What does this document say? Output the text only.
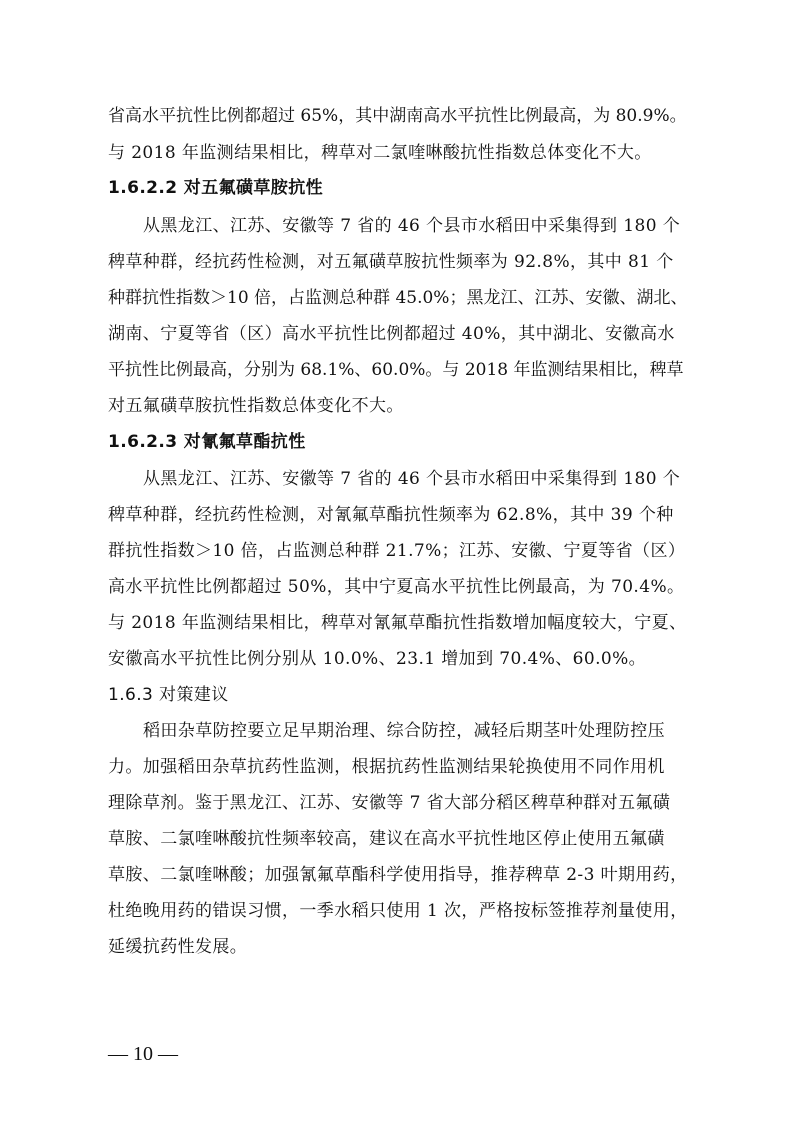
省高水平抗性比例都超过 65%，其中湖南高水平抗性比例最高，为 80.9%。
与 2018 年监测结果相比，稗草对二氯喹啉酸抗性指数总体变化不大。
1.6.2.2 对五氟磺草胺抗性
从黑龙江、江苏、安徽等 7 省的 46 个县市水稻田中采集得到 180 个
稗草种群，经抗药性检测，对五氟磺草胺抗性频率为 92.8%，其中 81 个
种群抗性指数＞10 倍，占监测总种群 45.0%；黑龙江、江苏、安徽、湖北、
湖南、宁夏等省（区）高水平抗性比例都超过 40%，其中湖北、安徽高水
平抗性比例最高，分别为 68.1%、60.0%。与 2018 年监测结果相比，稗草
对五氟磺草胺抗性指数总体变化不大。
1.6.2.3 对氰氟草酯抗性
从黑龙江、江苏、安徽等 7 省的 46 个县市水稻田中采集得到 180 个
稗草种群，经抗药性检测，对氰氟草酯抗性频率为 62.8%，其中 39 个种
群抗性指数＞10 倍，占监测总种群 21.7%；江苏、安徽、宁夏等省（区）
高水平抗性比例都超过 50%，其中宁夏高水平抗性比例最高，为 70.4%。
与 2018 年监测结果相比，稗草对氰氟草酯抗性指数增加幅度较大，宁夏、
安徽高水平抗性比例分别从 10.0%、23.1 增加到 70.4%、60.0%。
1.6.3 对策建议
稻田杂草防控要立足早期治理、综合防控，减轻后期茎叶处理防控压
力。加强稻田杂草抗药性监测，根据抗药性监测结果轮换使用不同作用机
理除草剂。鉴于黑龙江、江苏、安徽等 7 省大部分稻区稗草种群对五氟磺
草胺、二氯喹啉酸抗性频率较高，建议在高水平抗性地区停止使用五氟磺
草胺、二氯喹啉酸；加强氰氟草酯科学使用指导，推荐稗草 2-3 叶期用药，
杜绝晚用药的错误习惯，一季水稻只使用 1 次，严格按标签推荐剂量使用，
延缓抗药性发展。
— 10 —
